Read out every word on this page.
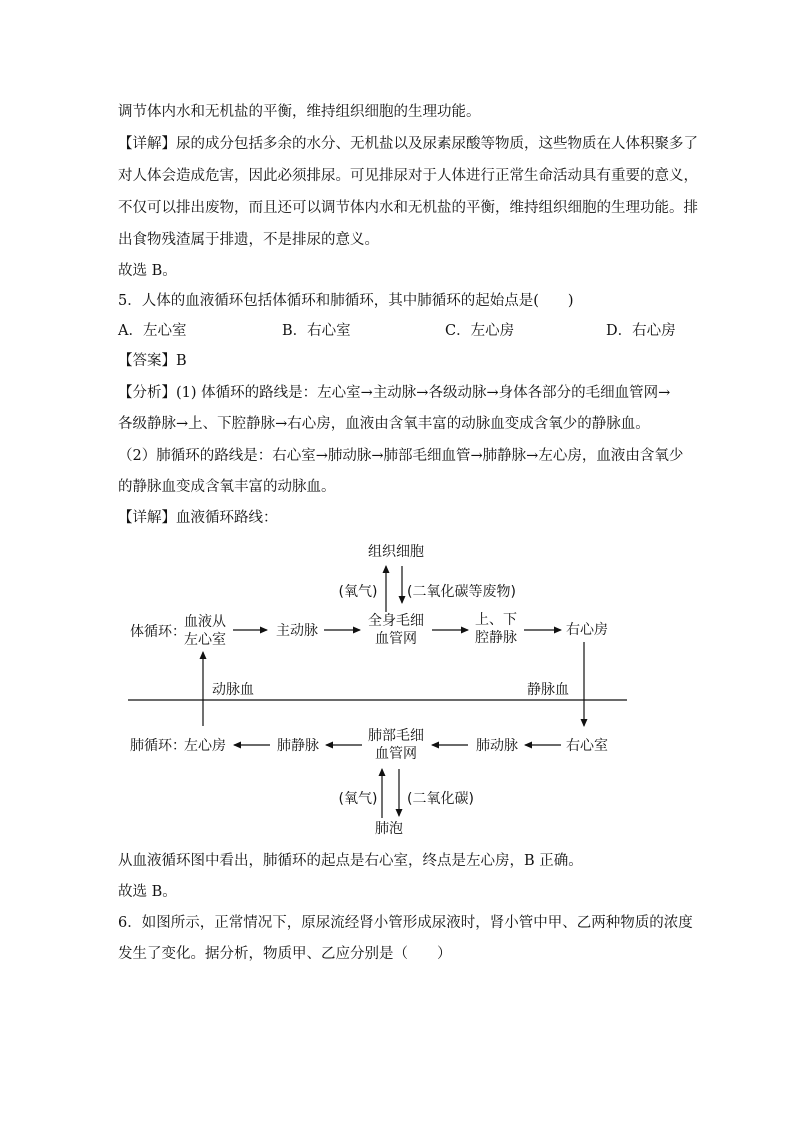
调节体内水和无机盐的平衡，维持组织细胞的生理功能。
【详解】尿的成分包括多余的水分、无机盐以及尿素尿酸等物质，这些物质在人体积聚多了
对人体会造成危害，因此必须排尿。可见排尿对于人体进行正常生命活动具有重要的意义，
不仅可以排出废物，而且还可以调节体内水和无机盐的平衡，维持组织细胞的生理功能。排
出食物残渣属于排遗，不是排尿的意义。
故选 B。
5．人体的血液循环包括体循环和肺循环，其中肺循环的起始点是(　　)
A．左心室	B．右心室	C．左心房	D．右心房
【答案】B
【分析】(1) 体循环的路线是：左心室→主动脉→各级动脉→身体各部分的毛细血管网→
各级静脉→上、下腔静脉→右心房，血液由含氧丰富的动脉血变成含氧少的静脉血。
（2）肺循环的路线是：右心室→肺动脉→肺部毛细血管→肺静脉→左心房，血液由含氧少
的静脉血变成含氧丰富的动脉血。
【详解】血液循环路线：
组织细胞
(氧气) (二氧化碳等废物)
体循环：
血液从
左心室
主动脉
全身毛细
血管网
上、下
腔静脉	右心房
动脉血	静脉血
肺循环：
左心房	肺静脉
肺部毛细
血管网	肺动脉	右心室
(氧气) (二氧化碳)
肺泡
从血液循环图中看出，肺循环的起点是右心室，终点是左心房，B 正确。
故选 B。
6．如图所示，正常情况下，原尿流经肾小管形成尿液时，肾小管中甲、乙两种物质的浓度
发生了变化。据分析，物质甲、乙应分别是（　　）
